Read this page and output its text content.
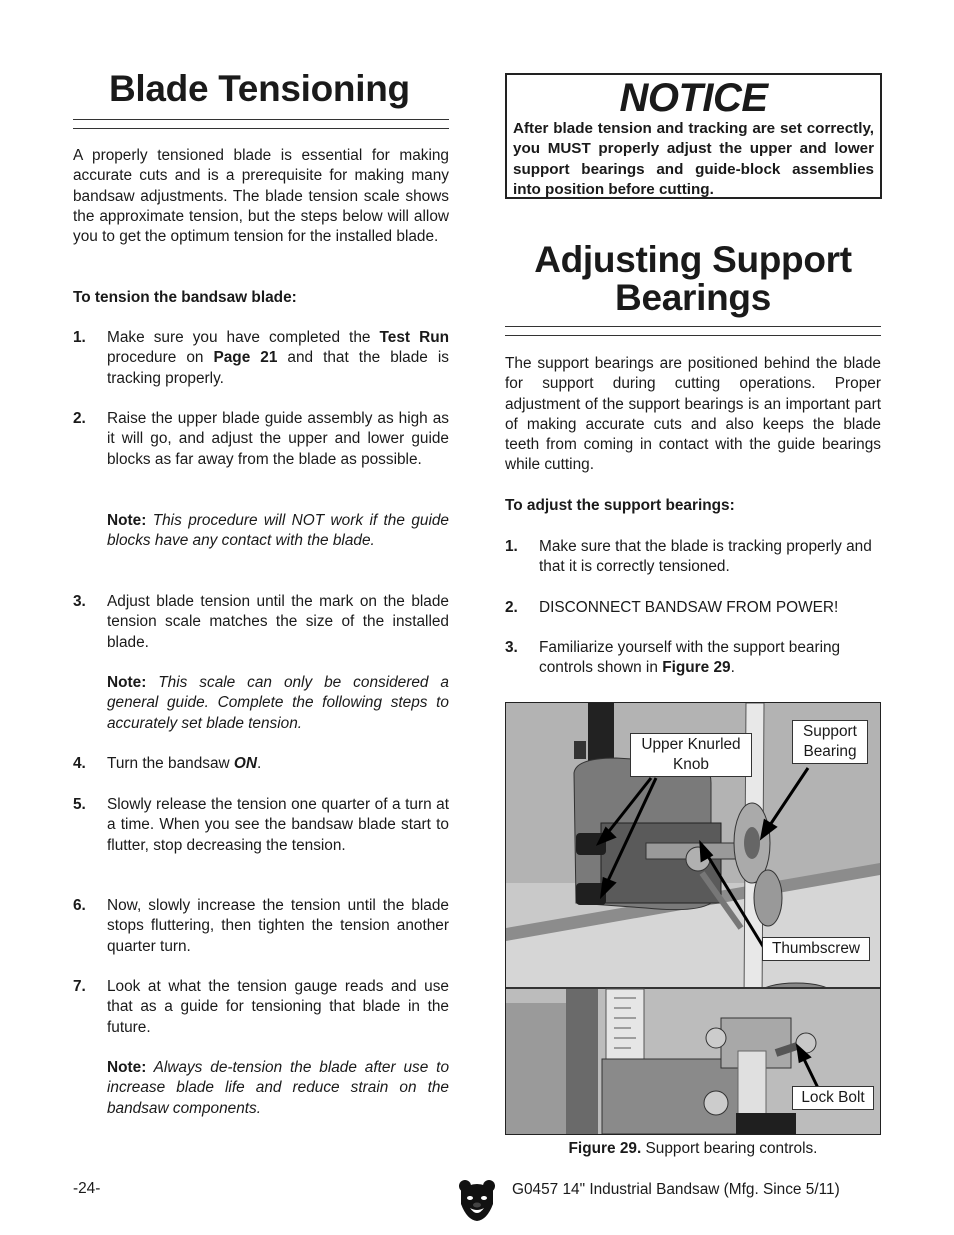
Blade Tensioning

A properly tensioned blade is essential for making accurate cuts and is a prerequisite for making many bandsaw adjustments. The blade tension scale shows the approximate tension, but the steps below will allow you to get the optimum tension for the installed blade.

To tension the bandsaw blade:

1. Make sure you have completed the Test Run procedure on Page 21 and that the blade is tracking properly.
2. Raise the upper blade guide assembly as high as it will go, and adjust the upper and lower guide blocks as far away from the blade as possible.
Note: This procedure will NOT work if the guide blocks have any contact with the blade.
3. Adjust blade tension until the mark on the blade tension scale matches the size of the installed blade.
Note: This scale can only be considered a general guide. Complete the following steps to accurately set blade tension.
4. Turn the bandsaw ON.
5. Slowly release the tension one quarter of a turn at a time. When you see the bandsaw blade start to flutter, stop decreasing the tension.
6. Now, slowly increase the tension until the blade stops fluttering, then tighten the tension another quarter turn.
7. Look at what the tension gauge reads and use that as a guide for tensioning that blade in the future.
Note: Always de-tension the blade after use to increase blade life and reduce strain on the bandsaw components.
NOTICE
After blade tension and tracking are set correctly, you MUST properly adjust the upper and lower support bearings and guide-block assemblies into position before cutting.
Adjusting Support
Bearings

The support bearings are positioned behind the blade for support during cutting operations. Proper adjustment of the support bearings is an important part of making accurate cuts and also keeps the blade teeth from coming in contact with the guide bearings while cutting.

To adjust the support bearings:

1. Make sure that the blade is tracking properly and that it is correctly tensioned.
2. DISCONNECT BANDSAW FROM POWER!
3. Familiarize yourself with the support bearing controls shown in Figure 29.
Upper Knurled
Knob
Support
Bearing
Thumbscrew
Lock Bolt
Figure 29. Support bearing controls.
-24-	G0457 14" Industrial Bandsaw (Mfg. Since 5/11)
